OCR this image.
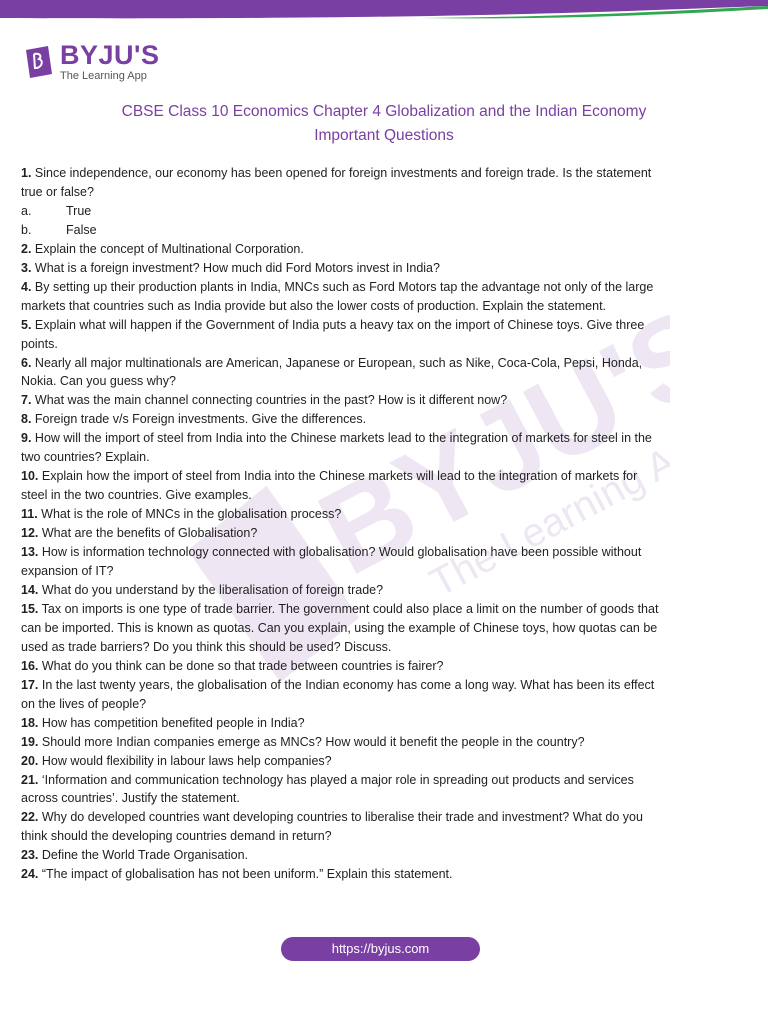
BYJU'S
The Learning App
BYJU'S
The Learning App
CBSE Class 10 Economics Chapter 4 Globalization and the Indian Economy
Important Questions

1. Since independence, our economy has been opened for foreign investments and foreign trade. Is the statement true or false?

a.	True

b.	False

2. Explain the concept of Multinational Corporation.

3. What is a foreign investment? How much did Ford Motors invest in India?

4. By setting up their production plants in India, MNCs such as Ford Motors tap the advantage not only of the large markets that countries such as India provide but also the lower costs of production. Explain the statement.

5. Explain what will happen if the Government of India puts a heavy tax on the import of Chinese toys. Give three points.

6. Nearly all major multinationals are American, Japanese or European, such as Nike, Coca-Cola, Pepsi, Honda, Nokia. Can you guess why?

7. What was the main channel connecting countries in the past? How is it different now?

8. Foreign trade v/s Foreign investments. Give the differences.

9. How will the import of steel from India into the Chinese markets lead to the integration of markets for steel in the two countries? Explain.

10. Explain how the import of steel from India into the Chinese markets will lead to the integration of markets for steel in the two countries. Give examples.

11. What is the role of MNCs in the globalisation process?

12. What are the benefits of Globalisation?

13. How is information technology connected with globalisation? Would globalisation have been possible without expansion of IT?

14. What do you understand by the liberalisation of foreign trade?

15. Tax on imports is one type of trade barrier. The government could also place a limit on the number of goods that can be imported. This is known as quotas. Can you explain, using the example of Chinese toys, how quotas can be used as trade barriers? Do you think this should be used? Discuss.

16. What do you think can be done so that trade between countries is fairer?

17. In the last twenty years, the globalisation of the Indian economy has come a long way. What has been its effect on the lives of people?

18. How has competition benefited people in India?

19. Should more Indian companies emerge as MNCs? How would it benefit the people in the country?

20. How would flexibility in labour laws help companies?

21. ‘Information and communication technology has played a major role in spreading out products and services across countries’. Justify the statement.

22. Why do developed countries want developing countries to liberalise their trade and investment? What do you think should the developing countries demand in return?

23. Define the World Trade Organisation.

24. “The impact of globalisation has not been uniform.” Explain this statement.

https://byjus.com
